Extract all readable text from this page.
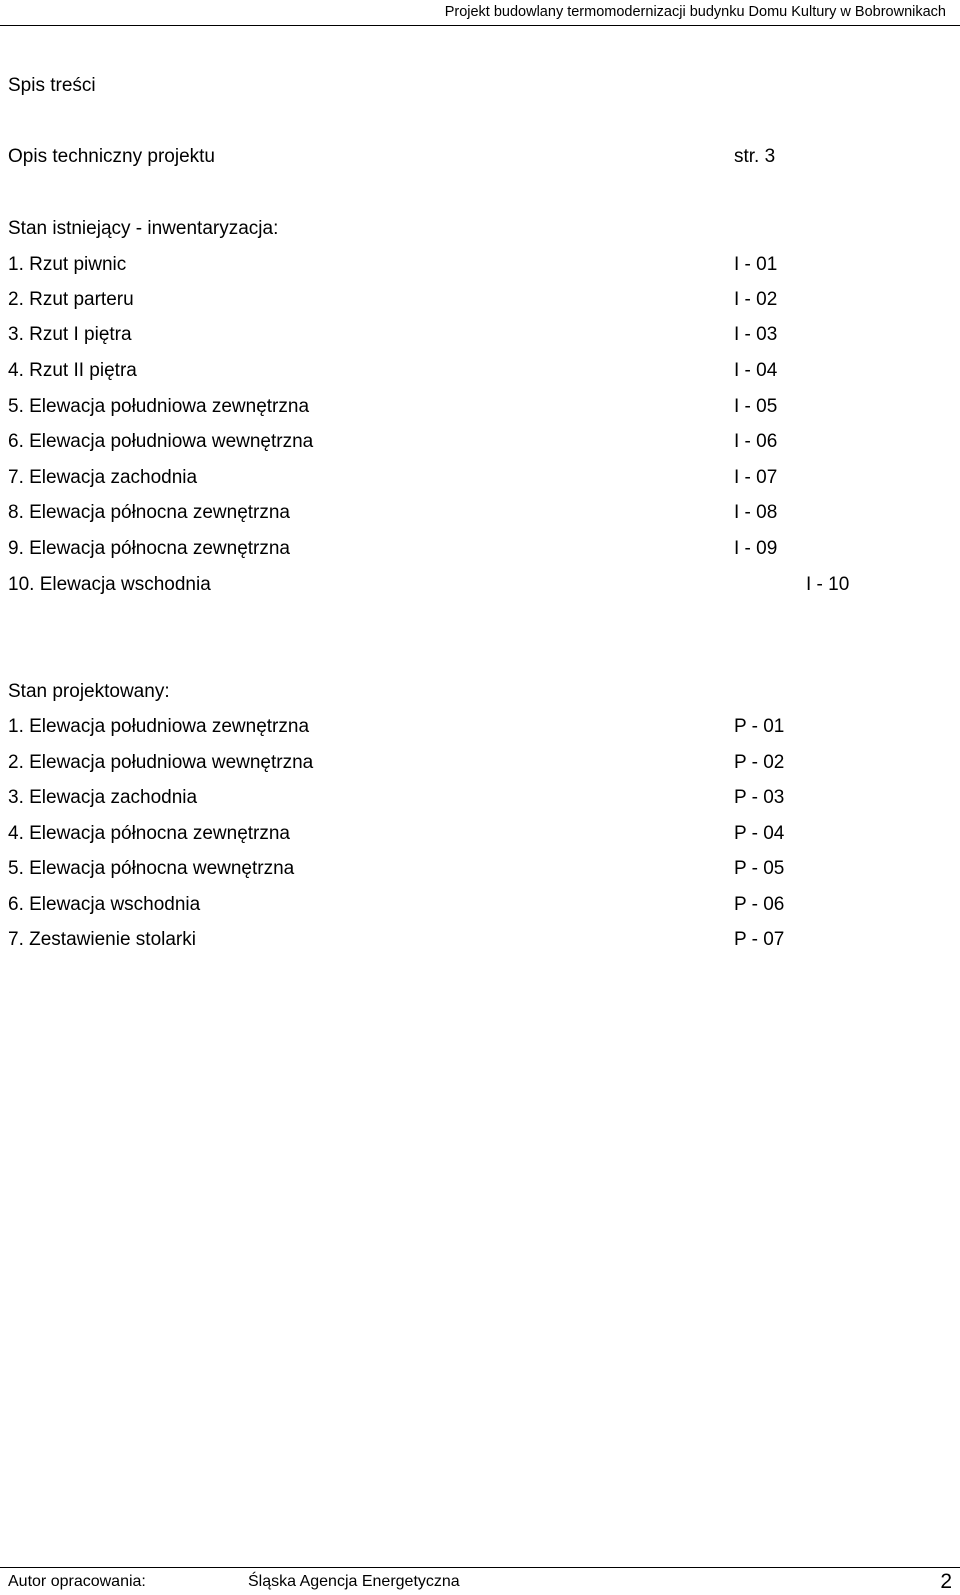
Projekt budowlany termomodernizacji budynku Domu Kultury w Bobrownikach
Spis treści
Opis techniczny projektu	str. 3
Stan istniejący - inwentaryzacja:
1. Rzut piwnic	I - 01
2. Rzut parteru	I - 02
3. Rzut I piętra	I - 03
4. Rzut II piętra	I - 04
5. Elewacja południowa zewnętrzna	I - 05
6. Elewacja południowa wewnętrzna	I - 06
7. Elewacja zachodnia	I - 07
8. Elewacja północna zewnętrzna	I - 08
9. Elewacja północna zewnętrzna	I - 09
10. Elewacja wschodnia	I - 10
Stan projektowany:
1. Elewacja południowa zewnętrzna	P - 01
2. Elewacja południowa wewnętrzna	P - 02
3. Elewacja zachodnia	P - 03
4. Elewacja północna zewnętrzna	P - 04
5. Elewacja północna wewnętrzna	P - 05
6. Elewacja wschodnia	P - 06
7. Zestawienie stolarki	P - 07
Autor opracowania:	Śląska Agencja Energetyczna	2
